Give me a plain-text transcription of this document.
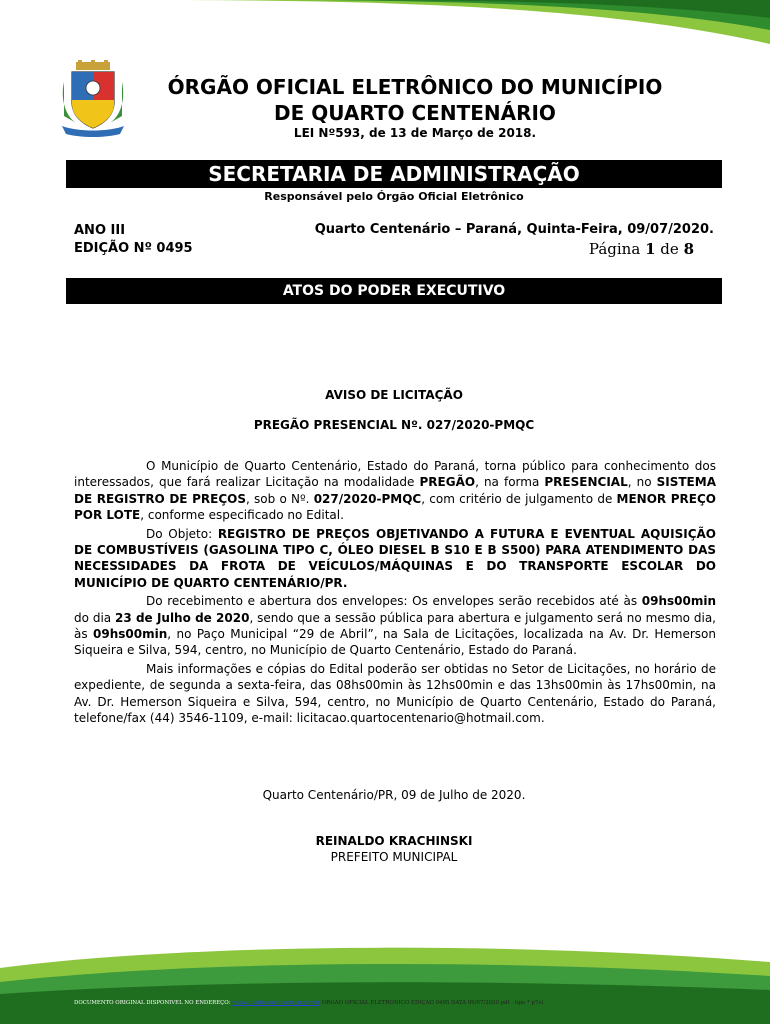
ÓRGÃO OFICIAL ELETRÔNICO DO MUNICÍPIO
DE QUARTO CENTENÁRIO
LEI Nº593, de 13 de Março de 2018.
SECRETARIA DE ADMINISTRAÇÃO
Responsável pelo Órgão Oficial Eletrônico
ANO III
EDIÇÃO Nº 0495
Quarto Centenário – Paraná, Quinta-Feira, 09/07/2020.
Página 1 de 8
ATOS DO PODER EXECUTIVO
AVISO DE LICITAÇÃO
PREGÃO PRESENCIAL Nº. 027/2020-PMQC

O Município de Quarto Centenário, Estado do Paraná, torna público para conhecimento dos interessados, que fará realizar Licitação na modalidade PREGÃO, na forma PRESENCIAL, no SISTEMA DE REGISTRO DE PREÇOS, sob o Nº. 027/2020-PMQC, com critério de julgamento de MENOR PREÇO POR LOTE, conforme especificado no Edital.

Do Objeto: REGISTRO DE PREÇOS OBJETIVANDO A FUTURA E EVENTUAL AQUISIÇÃO DE COMBUSTÍVEIS (GASOLINA TIPO C, ÓLEO DIESEL B S10 E B S500) PARA ATENDIMENTO DAS NECESSIDADES DA FROTA DE VEÍCULOS/MÁQUINAS E DO TRANSPORTE ESCOLAR DO MUNICÍPIO DE QUARTO CENTENÁRIO/PR.

Do recebimento e abertura dos envelopes: Os envelopes serão recebidos até às 09hs00min do dia 23 de Julho de 2020, sendo que a sessão pública para abertura e julgamento será no mesmo dia, às 09hs00min, no Paço Municipal “29 de Abril”, na Sala de Licitações, localizada na Av. Dr. Hemerson Siqueira e Silva, 594, centro, no Município de Quarto Centenário, Estado do Paraná.

Mais informações e cópias do Edital poderão ser obtidas no Setor de Licitações, no horário de expediente, de segunda a sexta-feira, das 08hs00min às 12hs00min e das 13hs00min às 17hs00min, na Av. Dr. Hemerson Siqueira e Silva, 594, centro, no Município de Quarto Centenário, Estado do Paraná, telefone/fax (44) 3546-1109, e-mail: licitacao.quartocentenario@hotmail.com.

Quarto Centenário/PR, 09 de Julho de 2020.
REINALDO KRACHINSKI
PREFEITO MUNICIPAL
DOCUMENTO ORIGINAL DISPONÍVEL NO ENDEREÇO: www.quartocentenario.pr.gov.br ÓRGÃO OFICIAL ELETRÔNICO EDIÇÃO 0495 DATA 09/07/2020 pdf - tipo * p7s)
